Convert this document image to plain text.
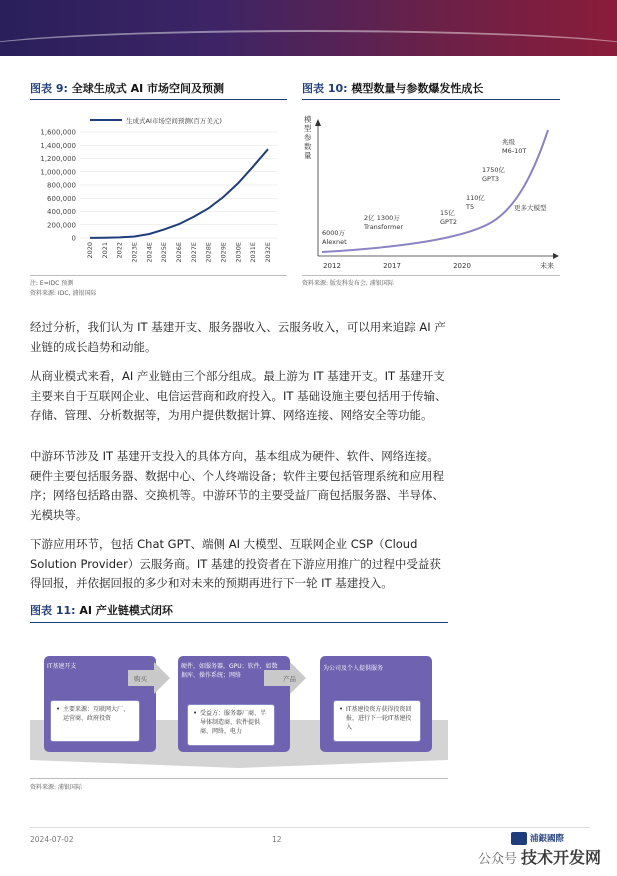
图表 9: 全球生成式 AI 市场空间及预测
生成式AI市场空间预测(百万美元)
0
200,000
400,000
600,000
800,000
1,000,000
1,200,000
1,400,000
1,600,000
2020 2021 2022 2023E 2024E 2025E 2026E 2027E 2028E 2029E 2030E 2031E 2032E
注: E=IDC 预测
资料来源: IDC, 浦银国际
图表 10: 模型数量与参数爆发性成长
模
型
参
数
量
2012	2017	2020	未来
6000万
Alexnet
2亿 1300万
Transformer
15亿
GPT2
110亿
T5
1750亿
GPT3
兆级
M6-10T
更多大模型
资料来源: 版发科发布会, 浦银国际
经过分析，我们认为 IT 基建开支、服务器收入、云服务收入，可以用来追踪 AI 产业链的成长趋势和动能。
从商业模式来看，AI 产业链由三个部分组成。最上游为 IT 基建开支。IT 基建开支主要来自于互联网企业、电信运营商和政府投入。IT 基础设施主要包括用于传输、存储、管理、分析数据等，为用户提供数据计算、网络连接、网络安全等功能。
中游环节涉及 IT 基建开支投入的具体方向，基本组成为硬件、软件、网络连接。硬件主要包括服务器、数据中心、个人终端设备；软件主要包括管理系统和应用程序；网络包括路由器、交换机等。中游环节的主要受益厂商包括服务器、半导体、光模块等。
下游应用环节，包括 Chat GPT、端侧 AI 大模型、互联网企业 CSP（Cloud Solution Provider）云服务商。IT 基建的投资者在下游应用推广的过程中受益获得回报，并依据回报的多少和对未来的预期再进行下一轮 IT 基建投入。
图表 11: AI 产业链模式闭环
IT基建开支
• 主要来源：互联网大厂、运营商、政府投资
购买
硬件，如服务器，GPU；软件，如数据库、操作系统；网络
• 受益方：服务器厂商、半导体制造商、软件提供商、网络，电力
产品
为公司及个人提供服务
• IT基建投资方获得投资回报，进行下一轮IT基建投入
资料来源: 浦银国际
2024-07-02	12	浦銀國際
公众号 技术开发网
